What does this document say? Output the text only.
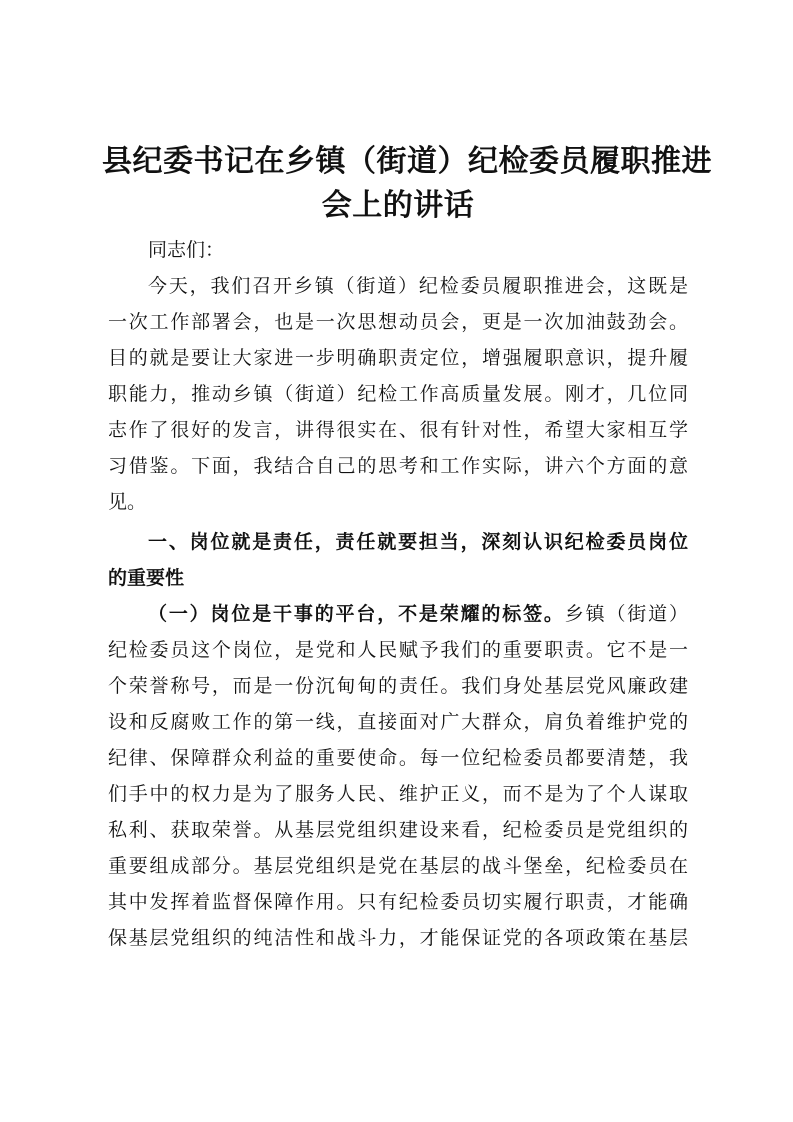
县纪委书记在乡镇（街道）纪检委员履职推进
会上的讲话

同志们：

今天，我们召开乡镇（街道）纪检委员履职推进会，这既是
一次工作部署会，也是一次思想动员会，更是一次加油鼓劲会。
目的就是要让大家进一步明确职责定位，增强履职意识，提升履
职能力，推动乡镇（街道）纪检工作高质量发展。刚才，几位同
志作了很好的发言，讲得很实在、很有针对性，希望大家相互学
习借鉴。下面，我结合自己的思考和工作实际，讲六个方面的意
见。
一、岗位就是责任，责任就要担当，深刻认识纪检委员岗位
的重要性
（一）岗位是干事的平台，不是荣耀的标签。乡镇（街道）
纪检委员这个岗位，是党和人民赋予我们的重要职责。它不是一
个荣誉称号，而是一份沉甸甸的责任。我们身处基层党风廉政建
设和反腐败工作的第一线，直接面对广大群众，肩负着维护党的
纪律、保障群众利益的重要使命。每一位纪检委员都要清楚，我
们手中的权力是为了服务人民、维护正义，而不是为了个人谋取
私利、获取荣誉。从基层党组织建设来看，纪检委员是党组织的
重要组成部分。基层党组织是党在基层的战斗堡垒，纪检委员在
其中发挥着监督保障作用。只有纪检委员切实履行职责，才能确
保基层党组织的纯洁性和战斗力，才能保证党的各项政策在基层
